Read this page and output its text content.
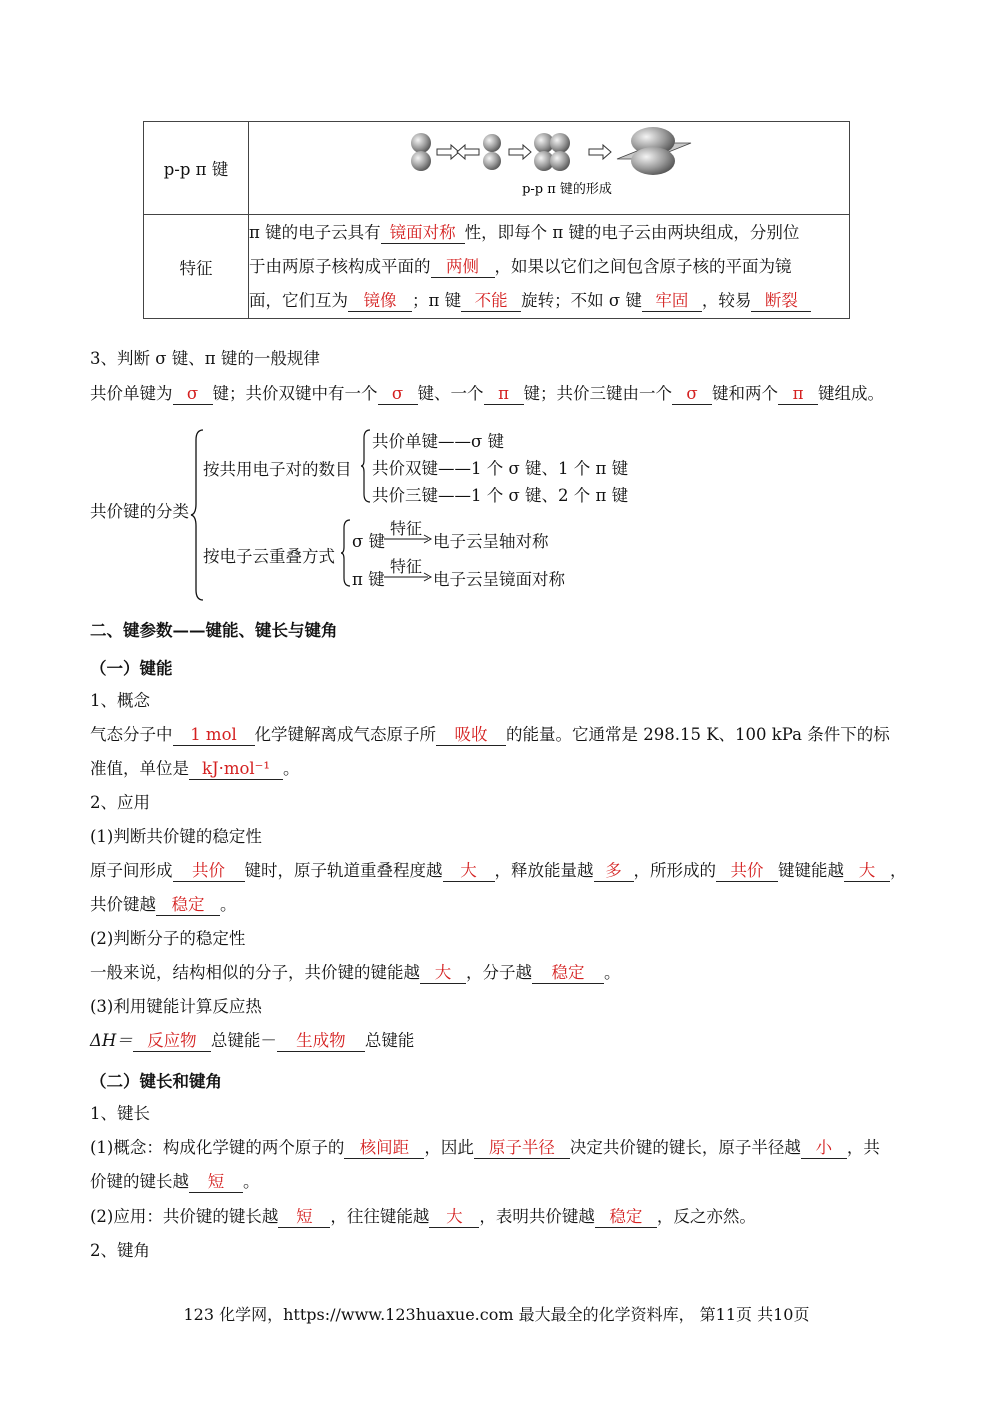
p-p π 键	p-p π 键的形成

特征	π 键的电子云具有 镜面对称 性，即每个 π 键的电子云由两块组成，分别位
于由两原子核构成平面的 两侧 ，如果以它们之间包含原子核的平面为镜
面，它们互为 镜像 ；π 键 不能 旋转；不如 σ 键 牢固 ，较易 断裂
3、判断 σ 键、π 键的一般规律
共价单键为 σ 键；共价双键中有一个 σ 键、一个 π 键；共价三键由一个 σ 键和两个 π 键组成。
共价键的分类
按共用电子对的数目
共价单键——σ 键
共价双键——1 个 σ 键、1 个 π 键
共价三键——1 个 σ 键、2 个 π 键
按电子云重叠方式
σ 键
特征
电子云呈轴对称
π 键
特征
电子云呈镜面对称
二、键参数——键能、键长与键角
（一）键能
1、概念
气态分子中 1 mol 化学键解离成气态原子所 吸收 的能量。它通常是 298.15 K、100 kPa 条件下的标
准值，单位是 kJ·mol⁻¹ 。
2、应用
(1)判断共价键的稳定性
原子间形成 共价 键时，原子轨道重叠程度越 大 ，释放能量越 多 ，所形成的 共价 键键能越 大 ，
共价键越 稳定 。
(2)判断分子的稳定性
一般来说，结构相似的分子，共价键的键能越 大 ，分子越 稳定 。
(3)利用键能计算反应热
ΔH＝ 反应物 总键能－ 生成物 总键能
（二）键长和键角
1、键长
(1)概念：构成化学键的两个原子的 核间距 ，因此 原子半径 决定共价键的键长，原子半径越 小 ，共
价键的键长越 短 。
(2)应用：共价键的键长越 短 ，往往键能越 大 ，表明共价键越 稳定 ，反之亦然。
2、键角
123 化学网，https://www.123huaxue.com 最大最全的化学资料库， 第11页 共10页
